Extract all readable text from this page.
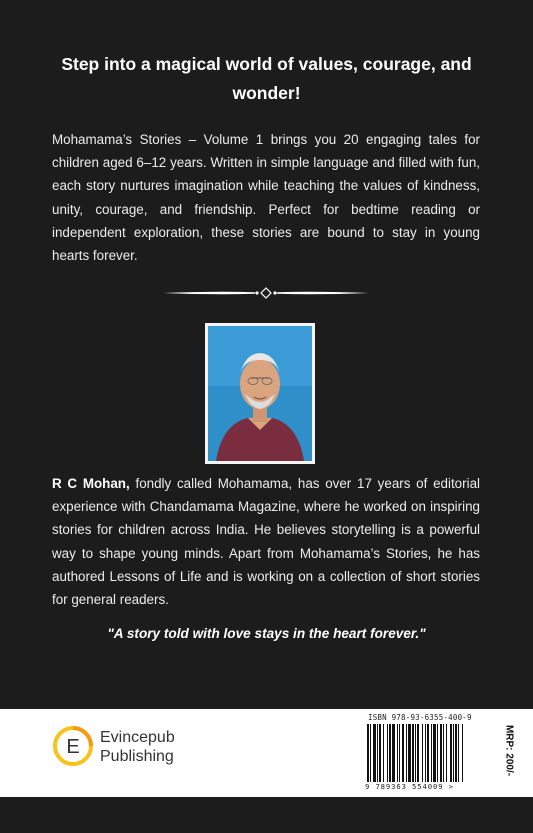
Step into a magical world of values, courage, and wonder!
Mohamama’s Stories – Volume 1 brings you 20 engaging tales for children aged 6–12 years. Written in simple language and filled with fun, each story nurtures imagination while teaching the values of kindness, unity, courage, and friendship. Perfect for bedtime reading or independent exploration, these stories are bound to stay in young hearts forever.
R C Mohan, fondly called Mohamama, has over 17 years of editorial experience with Chandamama Magazine, where he worked on inspiring stories for children across India. He believes storytelling is a powerful way to shape young minds. Apart from Mohamama’s Stories, he has authored Lessons of Life and is working on a collection of short stories for general readers.
"A story told with love stays in the heart forever."
E Evincepub
Publishing
ISBN 978-93-6355-400-9
9 789363 554009 >
MRP: 200/-
